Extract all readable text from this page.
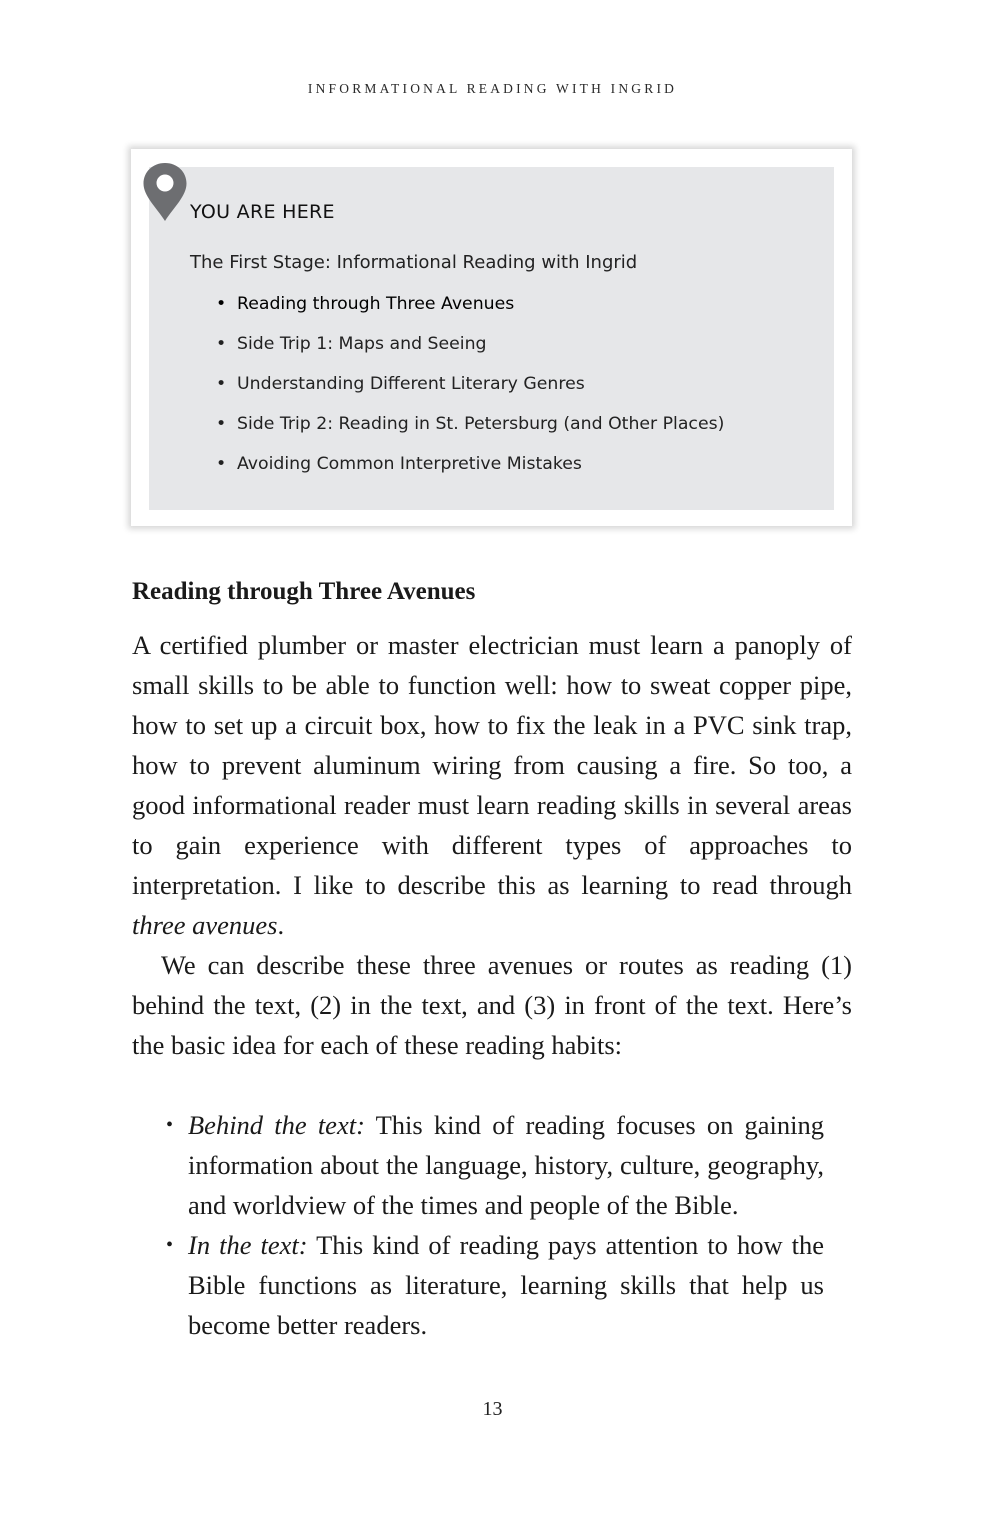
INFORMATIONAL READING WITH INGRID
YOU ARE HERE
The First Stage: Informational Reading with Ingrid
• Reading through Three Avenues
• Side Trip 1: Maps and Seeing
• Understanding Different Literary Genres
• Side Trip 2: Reading in St. Petersburg (and Other Places)
• Avoiding Common Interpretive Mistakes
Reading through Three Avenues

A certified plumber or master electrician must learn a panoply of small skills to be able to function well: how to sweat copper pipe, how to set up a circuit box, how to fix the leak in a PVC sink trap, how to prevent aluminum wiring from causing a fire. So too, a good informational reader must learn reading skills in several areas to gain experience with different types of approaches to interpretation. I like to describe this as learning to read through three avenues.

We can describe these three avenues or routes as reading (1) behind the text, (2) in the text, and (3) in front of the text. Here’s the basic idea for each of these reading habits:

• Behind the text: This kind of reading focuses on gaining information about the language, history, culture, geography, and worldview of the times and people of the Bible.
• In the text: This kind of reading pays attention to how the Bible functions as literature, learning skills that help us become better readers.
13
